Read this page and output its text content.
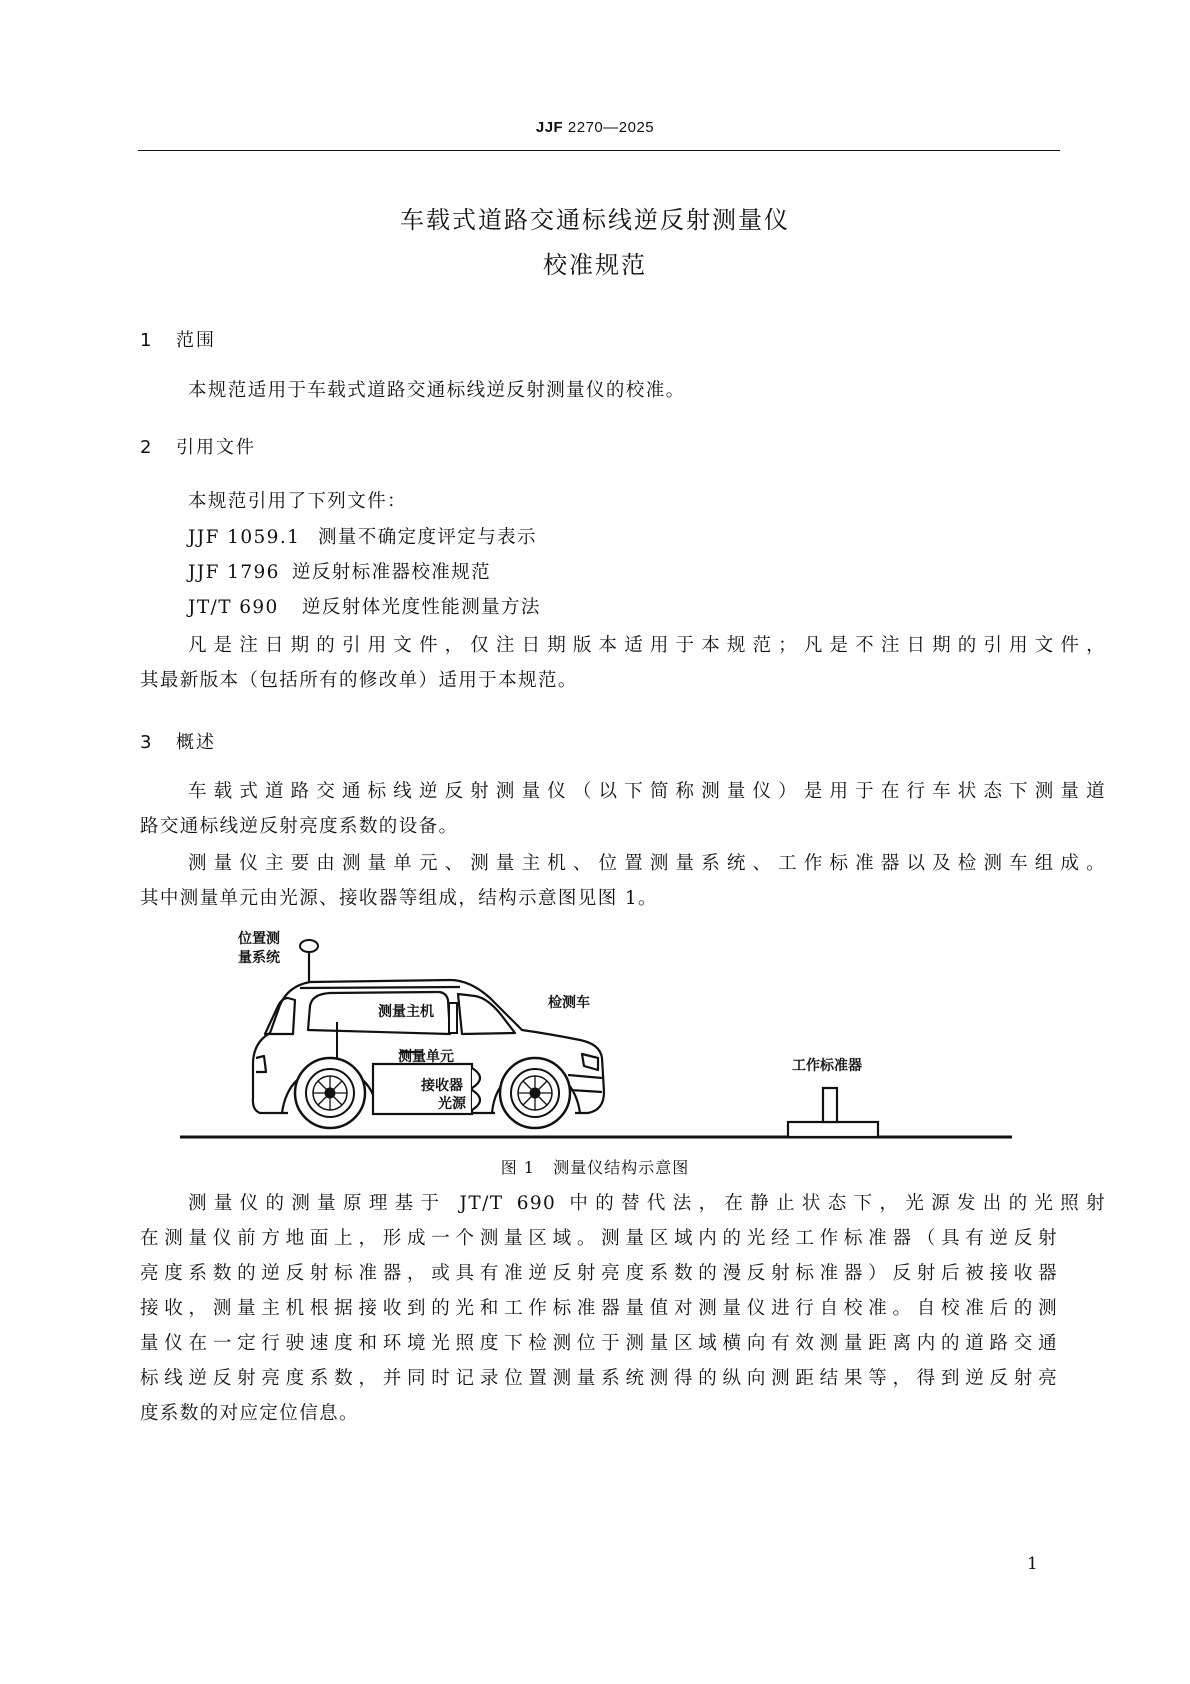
JJF 2270—2025
车载式道路交通标线逆反射测量仪
校准规范
1 范围
本规范适用于车载式道路交通标线逆反射测量仪的校准。
2 引用文件
本规范引用了下列文件：
JJF 1059.1 测量不确定度评定与表示
JJF 1796 逆反射标准器校准规范
JT/T 690 逆反射体光度性能测量方法
凡是注日期的引用文件，仅注日期版本适用于本规范；凡是不注日期的引用文件，
其最新版本（包括所有的修改单）适用于本规范。
3 概述
车载式道路交通标线逆反射测量仪（以下简称测量仪）是用于在行车状态下测量道
路交通标线逆反射亮度系数的设备。
测量仪主要由测量单元、测量主机、位置测量系统、工作标准器以及检测车组成。
其中测量单元由光源、接收器等组成，结构示意图见图 1。
位置测
量系统
测量主机
检测车
测量单元
接收器
光源
工作标准器
图 1 测量仪结构示意图
测量仪的测量原理基于 JT/T 690 中的替代法，在静止状态下，光源发出的光照射
在测量仪前方地面上，形成一个测量区域。测量区域内的光经工作标准器（具有逆反射
亮度系数的逆反射标准器，或具有准逆反射亮度系数的漫反射标准器）反射后被接收器
接收，测量主机根据接收到的光和工作标准器量值对测量仪进行自校准。自校准后的测
量仪在一定行驶速度和环境光照度下检测位于测量区域横向有效测量距离内的道路交通
标线逆反射亮度系数，并同时记录位置测量系统测得的纵向测距结果等，得到逆反射亮
度系数的对应定位信息。
1
